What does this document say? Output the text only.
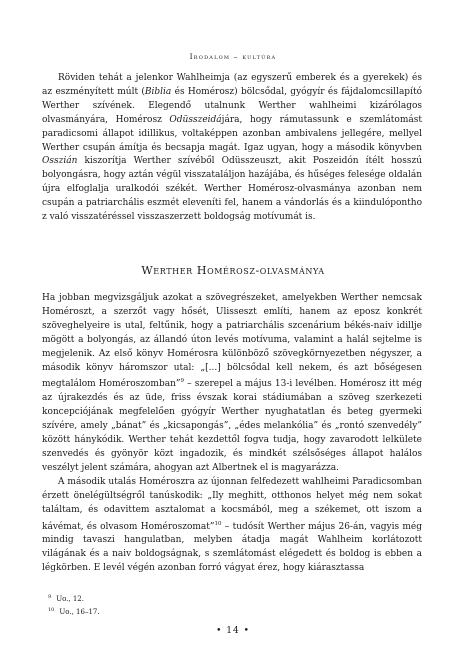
Irodalom – kultúra
Röviden tehát a jelenkor Wahlheimja (az egyszerű emberek és a gyerekek) és az eszményített múlt (Biblia és Homérosz) bölcsődal, gyógyír és fájdalomcsillapító Werther szívének. Elegendő utalnunk Werther wahlheimi kizárólagos olvasmányára, Homérosz Odüsszeidájára, hogy rámutassunk e szemlátomást paradicsomi állapot idillikus, voltaképpen azonban ambivalens jellegére, mellyel Werther csupán ámítja és becsapja magát. Igaz ugyan, hogy a második könyvben Osszián kiszorítja Werther szívéből Odüsszeuszt, akit Poszeidón ítélt hosszú bolyongásra, hogy aztán végül visszataláljon hazájába, és hűséges felesége oldalán újra elfoglalja uralkodói székét. Werther Homérosz-olvasmánya azonban nem csupán a patriarchális eszmét eleveníti fel, hanem a vándorlás és a kiindulópontho z való visszatéréssel visszaszerzett boldogság motívumát is.
Werther Homérosz-olvasmánya
Ha jobban megvizsgáljuk azokat a szövegrészeket, amelyekben Werther nemcsak Homéroszt, a szerzőt vagy hősét, Ulisseszt említi, hanem az eposz konkrét szöveghelyeire is utal, feltűnik, hogy a patriarchális szcenárium békés-naiv idillje mögött a bolyongás, az állandó úton levés motívuma, valamint a halál sejtelme is megjelenik. Az első könyv Homérosra különböző szövegkörnyezetben négyszer, a második könyv háromszor utal: „[...] bölcsődal kell nekem, és azt bőségesen megtalálom Homéroszomban”$^9$ – szerepel a május 13-i levélben. Homérosz itt még az újrakezdés és az üde, friss évszak korai stádiumában a szöveg szerkezeti koncepciójának megfelelően gyógyír Werther nyughatatlan és beteg gyermeki szívére, amely „bánat” és „kicsapongás”, „édes melankólia” és „rontó szenvedély” között hánykódik. Werther tehát kezdettől fogva tudja, hogy zavarodott lelkülete szenvedés és gyönyör közt ingadozik, és mindkét szélsőséges állapot halálos veszélyt jelent számára, ahogyan azt Albertnek el is magyarázza.
A második utalás Homéroszra az újonnan felfedezett wahlheimi Paradicsomban érzett önelégültségről tanúskodik: „Ily meghitt, otthonos helyet még nem sokat találtam, és odavittem asztalomat a kocsmából, meg a székemet, ott iszom a kávémat, és olvasom Homéroszomat”$^{10}$ – tudósít Werther május 26-án, vagyis még mindig tavaszi hangulatban, melyben átadja magát Wahlheim korlátozott világának és a naiv boldogságnak, s szemlátomást elégedett és boldog is ebben a légkörben. E levél végén azonban forró vágyat érez, hogy kiárasztassa
$^9$ Uo., 12.
$^{10}$ Uo., 16–17.
• 14 •
